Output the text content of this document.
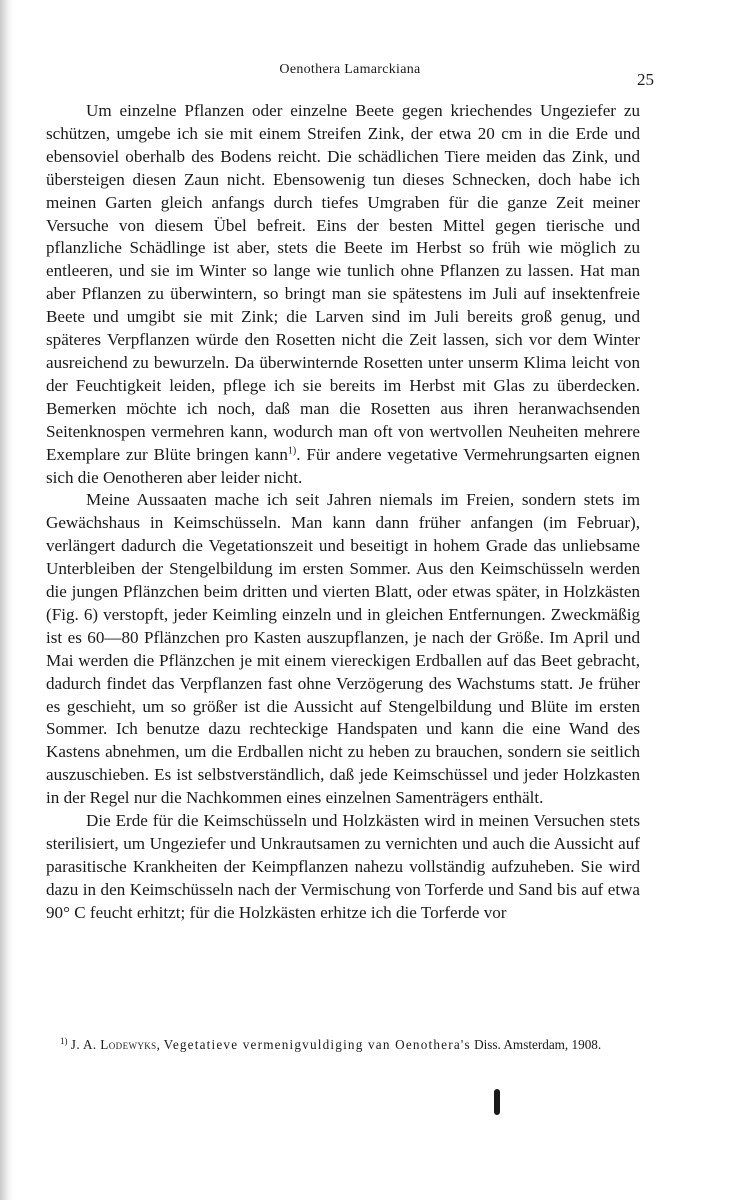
Oenothera Lamarckiana
25

Um einzelne Pflanzen oder einzelne Beete gegen kriechendes Ungeziefer zu schützen, umgebe ich sie mit einem Streifen Zink, der etwa 20 cm in die Erde und ebensoviel oberhalb des Bodens reicht. Die schädlichen Tiere meiden das Zink, und übersteigen diesen Zaun nicht. Ebensowenig tun dieses Schnecken, doch habe ich meinen Garten gleich anfangs durch tiefes Umgraben für die ganze Zeit meiner Versuche von diesem Übel befreit. Eins der besten Mittel gegen tierische und pflanzliche Schädlinge ist aber, stets die Beete im Herbst so früh wie möglich zu entleeren, und sie im Winter so lange wie tunlich ohne Pflanzen zu lassen. Hat man aber Pflanzen zu überwintern, so bringt man sie spätestens im Juli auf insektenfreie Beete und umgibt sie mit Zink; die Larven sind im Juli bereits groß genug, und späteres Verpflanzen würde den Rosetten nicht die Zeit lassen, sich vor dem Winter ausreichend zu bewurzeln. Da überwinternde Rosetten unter unserm Klima leicht von der Feuchtigkeit leiden, pflege ich sie bereits im Herbst mit Glas zu überdecken. Bemerken möchte ich noch, daß man die Rosetten aus ihren heranwachsenden Seitenknospen vermehren kann, wodurch man oft von wertvollen Neuheiten mehrere Exemplare zur Blüte bringen kann$^{1)}$. Für andere vegetative Vermehrungsarten eignen sich die Oenotheren aber leider nicht.

Meine Aussaaten mache ich seit Jahren niemals im Freien, sondern stets im Gewächshaus in Keimschüsseln. Man kann dann früher anfangen (im Februar), verlängert dadurch die Vegetationszeit und beseitigt in hohem Grade das unliebsame Unterbleiben der Stengelbildung im ersten Sommer. Aus den Keimschüsseln werden die jungen Pflänzchen beim dritten und vierten Blatt, oder etwas später, in Holzkästen (Fig. 6) verstopft, jeder Keimling einzeln und in gleichen Entfernungen. Zweckmäßig ist es 60—80 Pflänzchen pro Kasten auszupflanzen, je nach der Größe. Im April und Mai werden die Pflänzchen je mit einem viereckigen Erdballen auf das Beet gebracht, dadurch findet das Verpflanzen fast ohne Verzögerung des Wachstums statt. Je früher es geschieht, um so größer ist die Aussicht auf Stengelbildung und Blüte im ersten Sommer. Ich benutze dazu rechteckige Handspaten und kann die eine Wand des Kastens abnehmen, um die Erdballen nicht zu heben zu brauchen, sondern sie seitlich auszuschieben. Es ist selbstverständlich, daß jede Keimschüssel und jeder Holzkasten in der Regel nur die Nachkommen eines einzelnen Samenträgers enthält.

Die Erde für die Keimschüsseln und Holzkästen wird in meinen Versuchen stets sterilisiert, um Ungeziefer und Unkrautsamen zu vernichten und auch die Aussicht auf parasitische Krankheiten der Keimpflanzen nahezu vollständig aufzuheben. Sie wird dazu in den Keimschüsseln nach der Vermischung von Torferde und Sand bis auf etwa 90° C feucht erhitzt; für die Holzkästen erhitze ich die Torferde vor

$^{1)}$ J. A. Lodewyks, Vegetatieve vermenigvuldiging van Oenothera's Diss. Amsterdam, 1908.
